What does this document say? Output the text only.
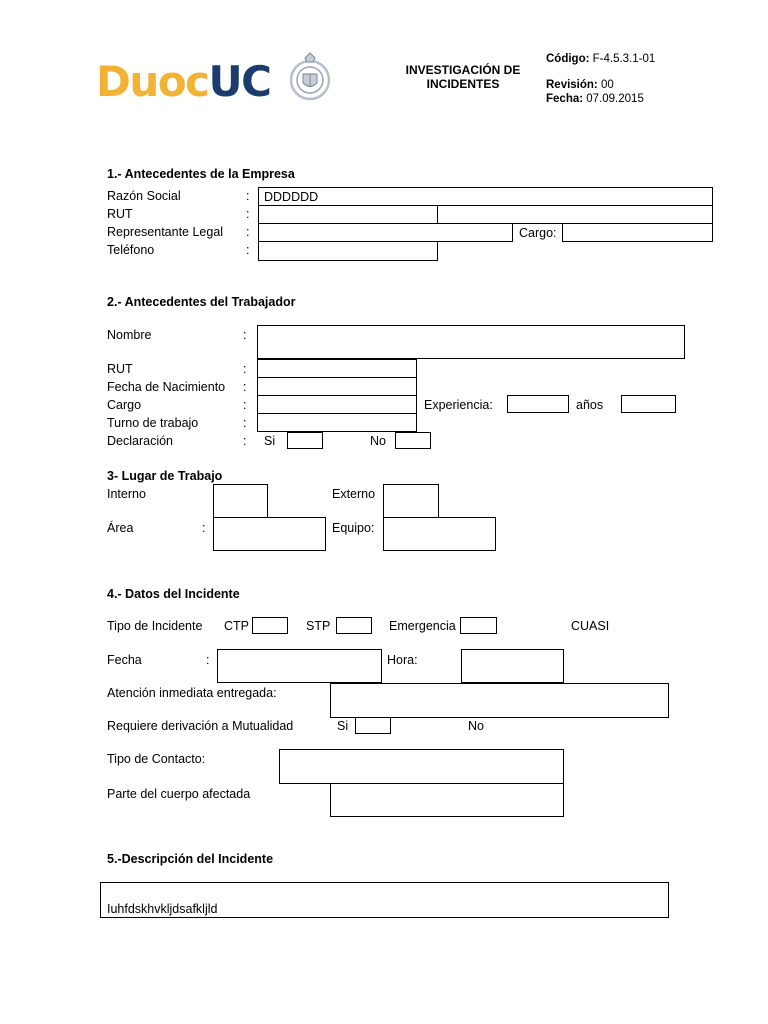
DuocUC	INVESTIGACIÓN DE
INCIDENTES
Código: F-4.5.3.1-01
Revisión: 00
Fecha: 07.09.2015
1.- Antecedentes de la Empresa
Razón Social	:	DDDDDD
RUT	:
Representante Legal :	Cargo:
Teléfono	:
2.- Antecedentes del Trabajador
Nombre	:
RUT	:
Fecha de Nacimiento :
Cargo	:	Experiencia:	años
Turno de trabajo	:
Declaración	: Si	No
3- Lugar de Trabajo
Interno	Externo
Área	:	Equipo:
4.- Datos del Incidente
Tipo de Incidente CTP	STP	Emergencia	CUASI
Fecha	:	Hora:
Atención inmediata entregada:
Requiere derivación a Mutualidad	Si	No
Tipo de Contacto:
Parte del cuerpo afectada
5.-Descripción del Incidente
Iuhfdskhvkljdsafkljld
